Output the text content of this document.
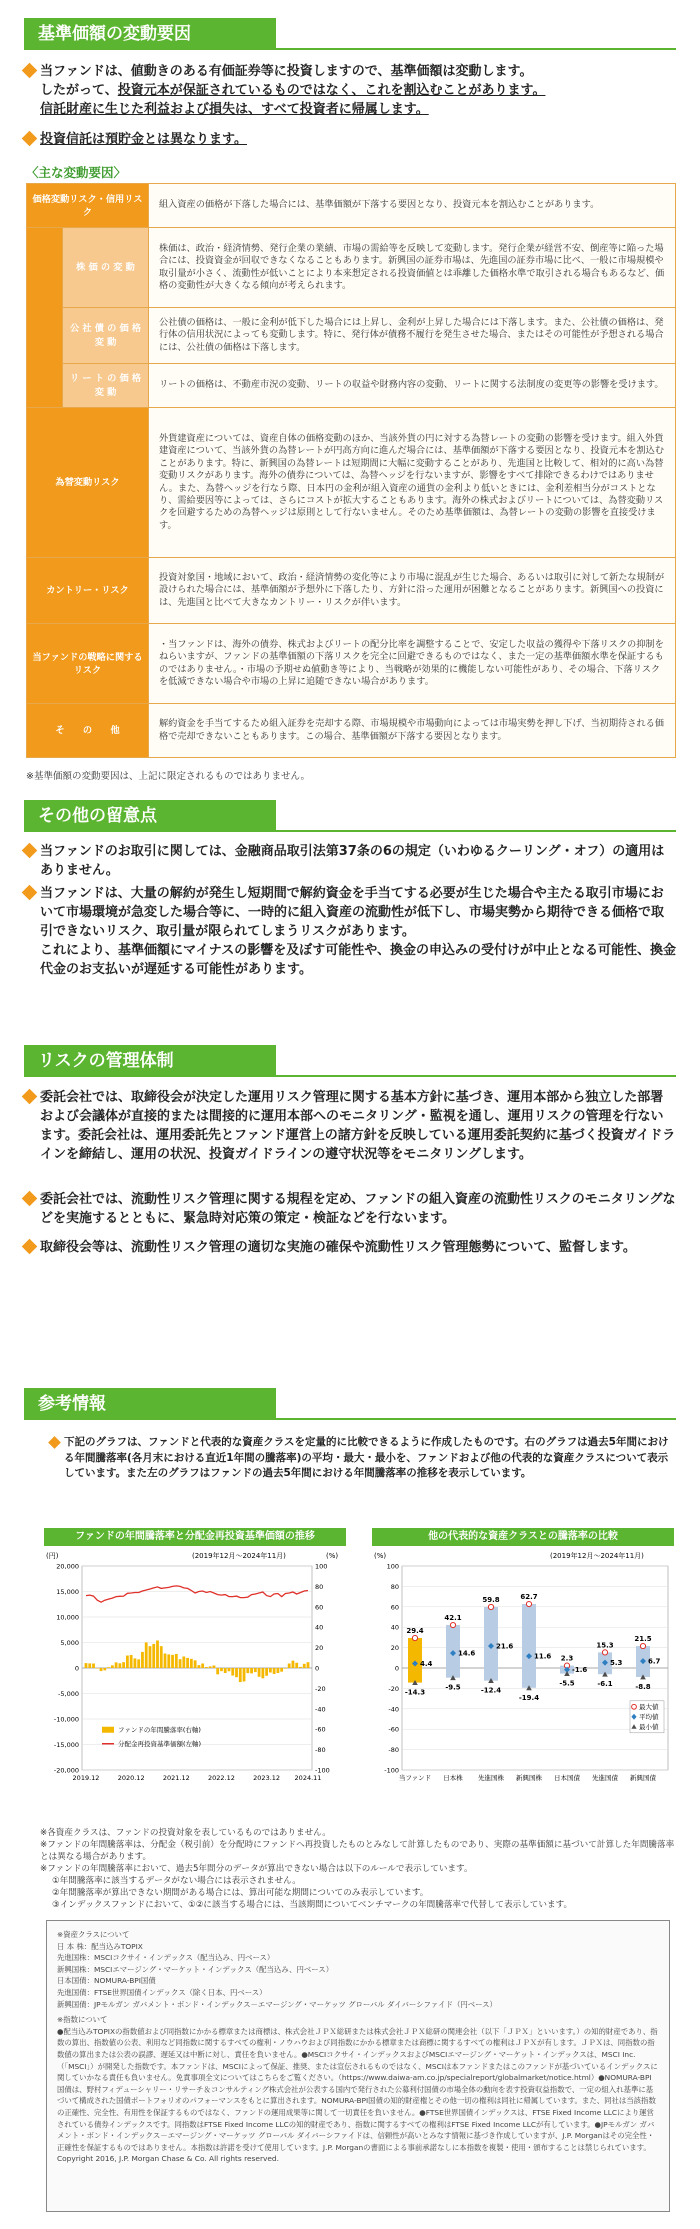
基準価額の変動要因
当ファンドは、値動きのある有価証券等に投資しますので、基準価額は変動します。
したがって、投資元本が保証されているものではなく、これを割込むことがあります。
信託財産に生じた利益および損失は、すべて投資者に帰属します。
投資信託は預貯金とは異なります。
〈主な変動要因〉
価格変動リスク・信用リスク		組入資産の価格が下落した場合には、基準価額が下落する要因となり、投資元本を割込むことがあります。
	株 価 の 変 動	株価は、政治・経済情勢、発行企業の業績、市場の需給等を反映して変動します。発行企業が経営不安、倒産等に陥った場合には、投資資金が回収できなくなることもあります。新興国の証券市場は、先進国の証券市場に比べ、一般に市場規模や取引量が小さく、流動性が低いことにより本来想定される投資価値とは乖離した価格水準で取引される場合もあるなど、価格の変動性が大きくなる傾向が考えられます。
	公 社 債 の 価 格 変 動	公社債の価格は、一般に金利が低下した場合には上昇し、金利が上昇した場合には下落します。また、公社債の価格は、発行体の信用状況によっても変動します。特に、発行体が債務不履行を発生させた場合、またはその可能性が予想される場合には、公社債の価格は下落します。
	リ ー ト の 価 格 変 動	リートの価格は、不動産市況の変動、リートの収益や財務内容の変動、リートに関する法制度の変更等の影響を受けます。
為替変動リスク		外貨建資産については、資産自体の価格変動のほか、当該外貨の円に対する為替レートの変動の影響を受けます。組入外貨建資産について、当該外貨の為替レートが円高方向に進んだ場合には、基準価額が下落する要因となり、投資元本を割込むことがあります。特に、新興国の為替レートは短期間に大幅に変動することがあり、先進国と比較して、相対的に高い為替変動リスクがあります。海外の債券については、為替ヘッジを行ないますが、影響をすべて排除できるわけではありません。また、為替ヘッジを行なう際、日本円の金利が組入資産の通貨の金利より低いときには、金利差相当分がコストとなり、需給要因等によっては、さらにコストが拡大することもあります。海外の株式およびリートについては、為替変動リスクを回避するための為替ヘッジは原則として行ないません。そのため基準価額は、為替レートの変動の影響を直接受けます。
カントリー・リスク		投資対象国・地域において、政治・経済情勢の変化等により市場に混乱が生じた場合、あるいは取引に対して新たな規制が設けられた場合には、基準価額が予想外に下落したり、方針に沿った運用が困難となることがあります。新興国への投資には、先進国と比べて大きなカントリー・リスクが伴います。
当ファンドの戦略に関するリスク		・当ファンドは、海外の債券、株式およびリートの配分比率を調整することで、安定した収益の獲得や下落リスクの抑制をねらいますが、ファンドの基準価額の下落リスクを完全に回避できるものではなく、また一定の基準価額水準を保証するものではありません。・市場の予期せぬ値動き等により、当戦略が効果的に機能しない可能性があり、その場合、下落リスクを低減できない場合や市場の上昇に追随できない場合があります。
そ　　の　　他		解約資金を手当てするため組入証券を売却する際、市場規模や市場動向によっては市場実勢を押し下げ、当初期待される価格で売却できないこともあります。この場合、基準価額が下落する要因となります。
※基準価額の変動要因は、上記に限定されるものではありません。
その他の留意点
当ファンドのお取引に関しては、金融商品取引法第37条の6の規定（いわゆるクーリング・オフ）の適用はありません。
当ファンドは、大量の解約が発生し短期間で解約資金を手当てする必要が生じた場合や主たる取引市場において市場環境が急変した場合等に、一時的に組入資産の流動性が低下し、市場実勢から期待できる価格で取引できないリスク、取引量が限られてしまうリスクがあります。
これにより、基準価額にマイナスの影響を及ぼす可能性や、換金の申込みの受付けが中止となる可能性、換金代金のお支払いが遅延する可能性があります。
リスクの管理体制
委託会社では、取締役会が決定した運用リスク管理に関する基本方針に基づき、運用本部から独立した部署および会議体が直接的または間接的に運用本部へのモニタリング・監視を通し、運用リスクの管理を行ないます。委託会社は、運用委託先とファンド運営上の諸方針を反映している運用委託契約に基づく投資ガイドラインを締結し、運用の状況、投資ガイドラインの遵守状況等をモニタリングします。
委託会社では、流動性リスク管理に関する規程を定め、ファンドの組入資産の流動性リスクのモニタリングなどを実施するとともに、緊急時対応策の策定・検証などを行ないます。
取締役会等は、流動性リスク管理の適切な実施の確保や流動性リスク管理態勢について、監督します。
参考情報
下記のグラフは、ファンドと代表的な資産クラスを定量的に比較できるように作成したものです。右のグラフは過去5年間における年間騰落率(各月末における直近1年間の騰落率)の平均・最大・最小を、ファンドおよび他の代表的な資産クラスについて表示しています。また左のグラフはファンドの過去5年間における年間騰落率の推移を表示しています。
ファンドの年間騰落率と分配金再投資基準価額の推移
(円)	(%)
(2019年12月～2024年11月)
20,000
15,000
10,000
5,000
0
-5,000
-10,000
-15,000
-20,000
100
80
60
40
20
0
-20
-40
-60
-80
-100
2019.12	2020.12	2021.12	2022.12	2023.12 2024.11
ファンドの年間騰落率(右軸)
分配金再投資基準価額(左軸)
他の代表的な資産クラスとの騰落率の比較
(%)	(2019年12月～2024年11月)
100
80
60
40
20
0
-20
-40
-60
-80
-100
29.4
4.4
-14.3
当ファンド
42.1
14.6
-9.5
日本株
59.8
21.6
-12.4
先進国株
62.7
11.6
-19.4
新興国株
2.3
-1.6
-5.5
日本国債
15.3
5.3
-6.1
先進国債
21.5
6.7
-8.8
新興国債
最大値
平均値
最小値
※各資産クラスは、ファンドの投資対象を表しているものではありません。
※ファンドの年間騰落率は、分配金（税引前）を分配時にファンドへ再投資したものとみなして計算したものであり、実際の基準価額に基づいて計算した年間騰落率とは異なる場合があります。
※ファンドの年間騰落率において、過去5年間分のデータが算出できない場合は以下のルールで表示しています。
①年間騰落率に該当するデータがない場合には表示されません。
②年間騰落率が算出できない期間がある場合には、算出可能な期間についてのみ表示しています。
③インデックスファンドにおいて、①②に該当する場合には、当該期間についてベンチマークの年間騰落率で代替して表示しています。
※資産クラスについて
日 本 株：配当込みTOPIX
先進国株：MSCIコクサイ・インデックス（配当込み、円ベース）
新興国株：MSCIエマージング・マーケット・インデックス（配当込み、円ベース）
日本国債：NOMURA-BPI国債
先進国債：FTSE世界国債インデックス（除く日本、円ベース）
新興国債：JPモルガン ガバメント・ボンド・インデックス－エマージング・マーケッツ グローバル ダイバーシファイド（円ベース）
※指数について
●配当込みTOPIXの指数値および同指数にかかる標章または商標は、株式会社ＪＰＸ総研または株式会社ＪＰＸ総研の関連会社（以下「ＪＰＸ」といいます。）の知的財産であり、指数の算出、指数値の公表、利用など同指数に関するすべての権利・ノウハウおよび同指数にかかる標章または商標に関するすべての権利はＪＰＸが有します。ＪＰＸは、同指数の指数値の算出または公表の誤謬、遅延又は中断に対し、責任を負いません。●MSCIコクサイ・インデックスおよびMSCIエマージング・マーケット・インデックスは、MSCI Inc.（「MSCI」）が開発した指数です。本ファンドは、MSCIによって保証、推奨、または宣伝されるものではなく、MSCIは本ファンドまたはこのファンドが基づいているインデックスに関していかなる責任も負いません。免責事項全文についてはこちらをご覧ください。（https://www.daiwa-am.co.jp/specialreport/globalmarket/notice.html）●NOMURA-BPI国債は、野村フィデューシャリー・リサーチ＆コンサルティング株式会社が公表する国内で発行された公募利付国債の市場全体の動向を表す投資収益指数で、一定の組入れ基準に基づいて構成された国債ポートフォリオのパフォーマンスをもとに算出されます。NOMURA-BPI国債の知的財産権とその他一切の権利は同社に帰属しています。また、同社は当該指数の正確性、完全性、有用性を保証するものではなく、ファンドの運用成果等に関して一切責任を負いません。●FTSE世界国債インデックスは、FTSE Fixed Income LLCにより運営されている債券インデックスです。同指数はFTSE Fixed Income LLCの知的財産であり、指数に関するすべての権利はFTSE Fixed Income LLCが有しています。●JPモルガン ガバメント・ボンド・インデックス－エマージング・マーケッツ グローバル ダイバーシファイドは、信頼性が高いとみなす情報に基づき作成していますが、J.P. Morganはその完全性・正確性を保証するものではありません。本指数は許諾を受けて使用しています。J.P. Morganの書面による事前承諾なしに本指数を複製・使用・頒布することは禁じられています。Copyright 2016, J.P. Morgan Chase & Co. All rights reserved.
